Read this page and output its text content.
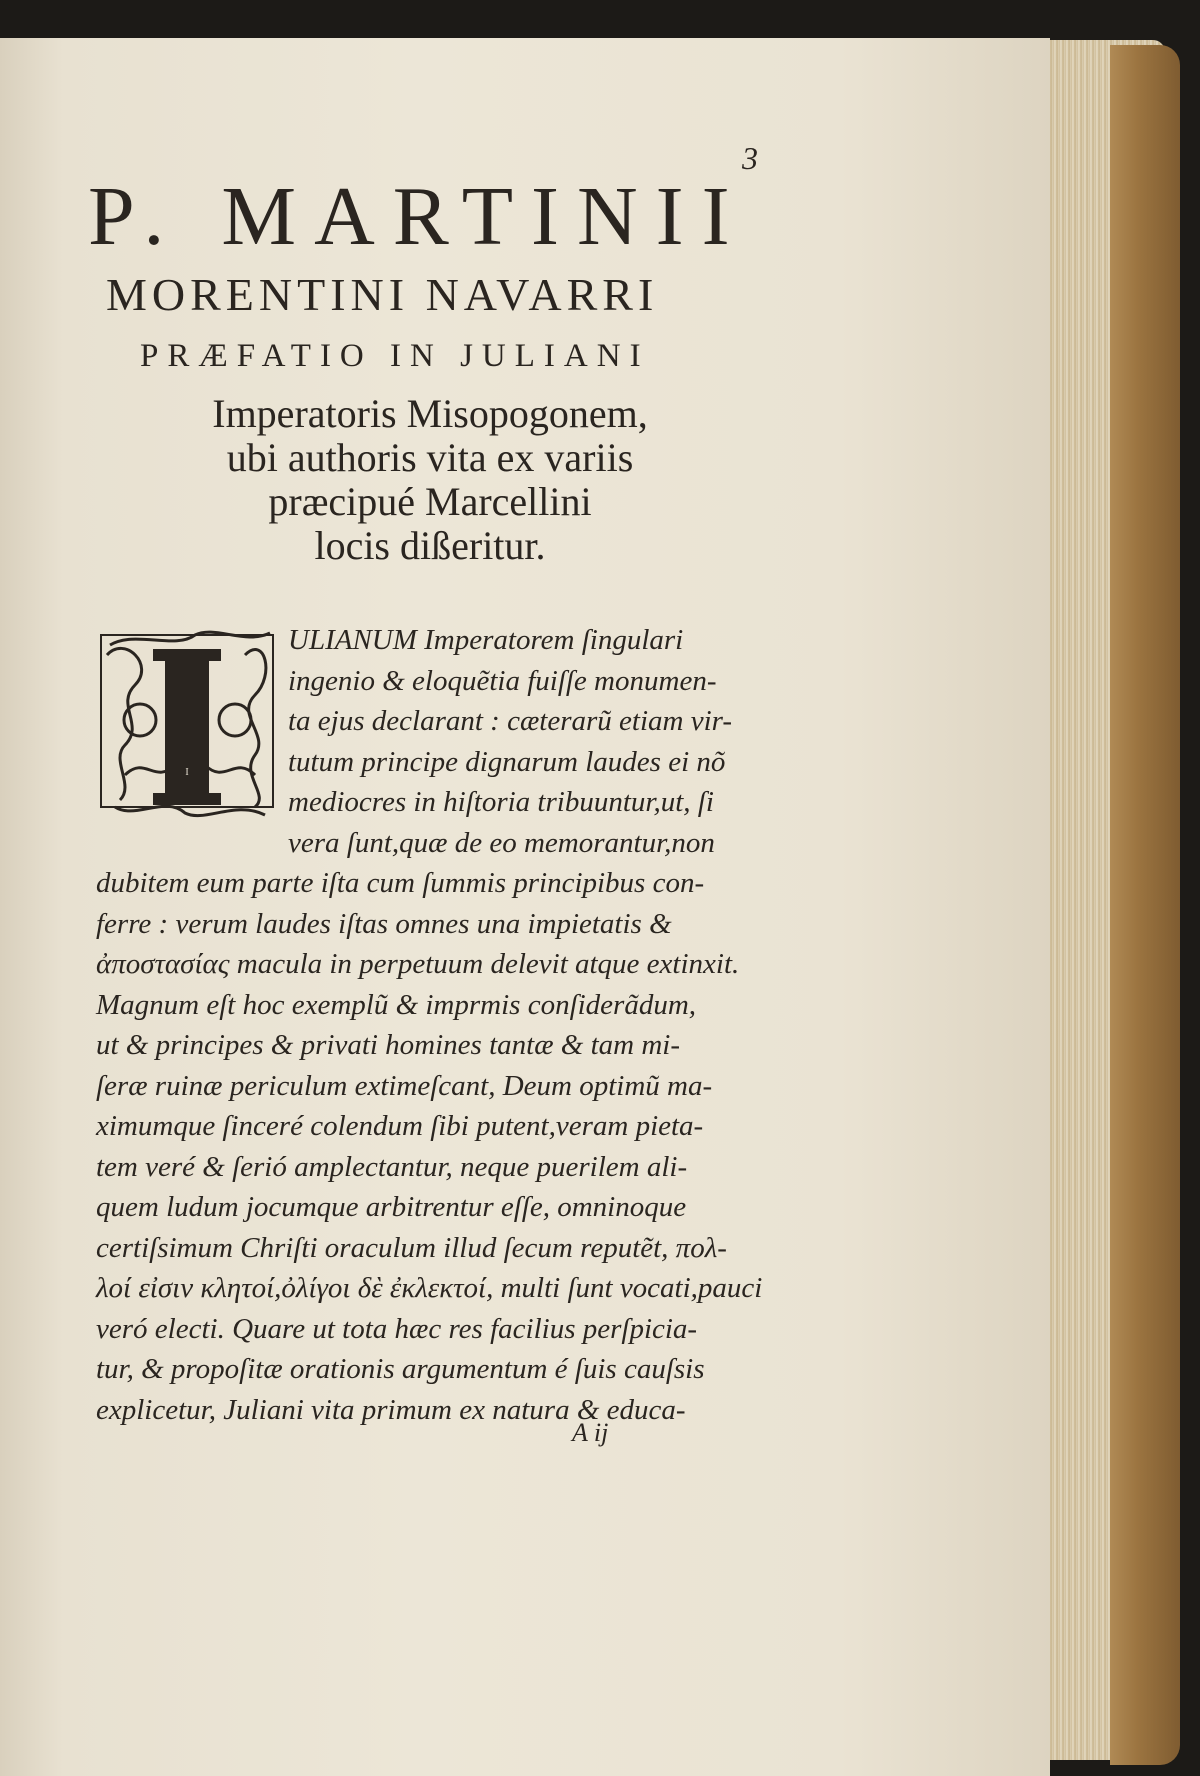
3
P. MARTINII
MORENTINI NAVARRI
PRÆFATIO IN JULIANI
Imperatoris Misopogonem,
ubi authoris vita ex variis
præcipué Marcellini
locis dißeritur.
I
ULIANUM Imperatorem ſingulari
ingenio & eloquẽtia fuiſſe monumen-
ta ejus declarant : cæterarũ etiam vir-
tutum principe dignarum laudes ei nõ
mediocres in hiſtoria tribuuntur,ut, ſi
vera ſunt,quæ de eo memorantur,non
dubitem eum parte iſta cum ſummis principibus con-
ferre : verum laudes iſtas omnes una impietatis &
ἀποστασίας macula in perpetuum delevit atque extinxit.
Magnum eſt hoc exemplũ & imprmis conſiderãdum,
ut & principes & privati homines tantæ & tam mi-
ſeræ ruinæ periculum extimeſcant, Deum optimũ ma-
ximumque ſinceré colendum ſibi putent,veram pieta-
tem veré & ſerió amplectantur, neque puerilem ali-
quem ludum jocumque arbitrentur eſſe, omninoque
certiſsimum Chriſti oraculum illud ſecum reputẽt, πολ-
λοί εἰσιν κλητοί,ὀλίγοι δὲ ἐκλεκτοί, multi ſunt vocati,pauci
veró electi. Quare ut tota hæc res facilius perſpicia-
tur, & propoſitæ orationis argumentum é ſuis cauſsis
explicetur, Juliani vita primum ex natura & educa-
A ij
